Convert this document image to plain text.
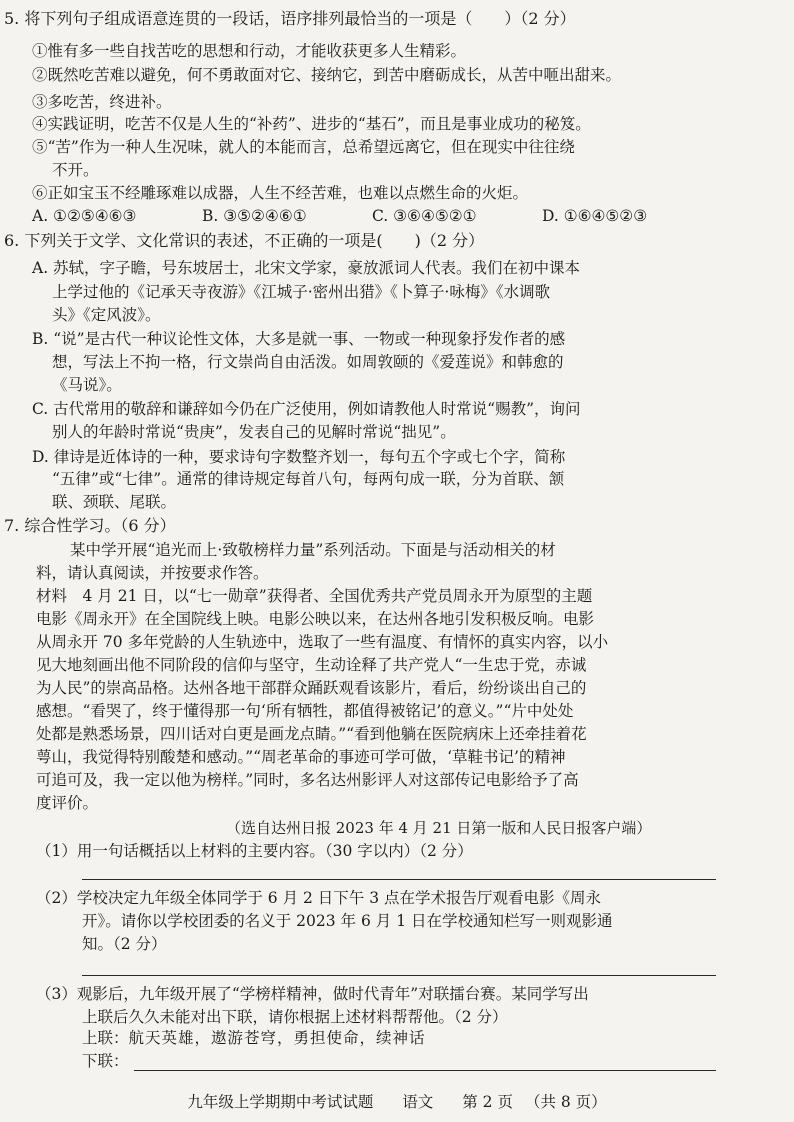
5. 将下列句子组成语意连贯的一段话，语序排列最恰当的一项是（　　）（2 分）
①惟有多一些自找苦吃的思想和行动，才能收获更多人生精彩。
②既然吃苦难以避免，何不勇敢面对它、接纳它，到苦中磨砺成长，从苦中咂出甜来。
③多吃苦，终进补。
④实践证明，吃苦不仅是人生的“补药”、进步的“基石”，而且是事业成功的秘笈。
⑤“苦”作为一种人生况味，就人的本能而言，总希望远离它，但在现实中往往绕
不开。
⑥正如宝玉不经雕琢难以成器，人生不经苦难，也难以点燃生命的火炬。
A. ①②⑤④⑥③	B. ③⑤②④⑥①	C. ③⑥④⑤②①	D. ①⑥④⑤②③
6. 下列关于文学、文化常识的表述，不正确的一项是(　　)（2 分）
A. 苏轼，字子瞻，号东坡居士，北宋文学家，豪放派词人代表。我们在初中课本
上学过他的《记承天寺夜游》《江城子·密州出猎》《卜算子·咏梅》《水调歌
头》《定风波》。
B. “说”是古代一种议论性文体，大多是就一事、一物或一种现象抒发作者的感
想，写法上不拘一格，行文崇尚自由活泼。如周敦颐的《爱莲说》和韩愈的
《马说》。
C. 古代常用的敬辞和谦辞如今仍在广泛使用，例如请教他人时常说“赐教”，询问
别人的年龄时常说“贵庚”，发表自己的见解时常说“拙见”。
D. 律诗是近体诗的一种，要求诗句字数整齐划一，每句五个字或七个字，简称
“五律”或“七律”。通常的律诗规定每首八句，每两句成一联，分为首联、颔
联、颈联、尾联。
7. 综合性学习。（6 分）
某中学开展“追光而上·致敬榜样力量”系列活动。下面是与活动相关的材
料，请认真阅读，并按要求作答。
材料　4 月 21 日，以“七一勋章”获得者、全国优秀共产党员周永开为原型的主题
电影《周永开》在全国院线上映。电影公映以来，在达州各地引发积极反响。电影
从周永开 70 多年党龄的人生轨迹中，选取了一些有温度、有情怀的真实内容，以小
见大地刻画出他不同阶段的信仰与坚守，生动诠释了共产党人“一生忠于党，赤诚
为人民”的崇高品格。达州各地干部群众踊跃观看该影片，看后，纷纷谈出自己的
感想。“看哭了，终于懂得那一句‘所有牺牲，都值得被铭记’的意义。”“片中处处
处都是熟悉场景，四川话对白更是画龙点睛。”“看到他躺在医院病床上还牵挂着花
萼山，我觉得特别酸楚和感动。”“周老革命的事迹可学可做，‘草鞋书记’的精神
可追可及，我一定以他为榜样。”同时，多名达州影评人对这部传记电影给予了高
度评价。
（选自达州日报 2023 年 4 月 21 日第一版和人民日报客户端）
（1）用一句话概括以上材料的主要内容。（30 字以内）（2 分）
（2）学校决定九年级全体同学于 6 月 2 日下午 3 点在学术报告厅观看电影《周永
开》。请你以学校团委的名义于 2023 年 6 月 1 日在学校通知栏写一则观影通
知。（2 分）
（3）观影后，九年级开展了“学榜样精神，做时代青年”对联擂台赛。某同学写出
上联后久久未能对出下联，请你根据上述材料帮帮他。（2 分）
上联：航天英雄，遨游苍穹，勇担使命，续神话
下联：
九年级上学期期中考试试题 语文 第 2 页 （共 8 页）
